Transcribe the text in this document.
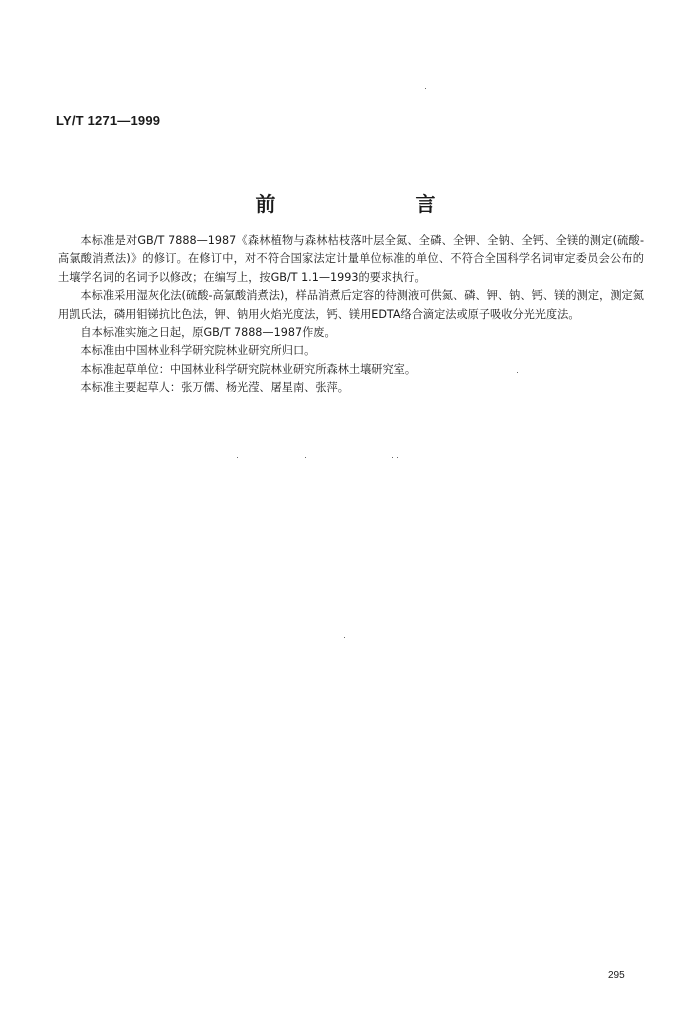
LY/T 1271—1999
前　言

本标准是对GB/T 7888—1987《森林植物与森林枯枝落叶层全氮、全磷、全钾、全钠、全钙、全镁的测定(硫酸-高氯酸消煮法)》的修订。在修订中，对不符合国家法定计量单位标准的单位、不符合全国科学名词审定委员会公布的土壤学名词的名词予以修改；在编写上，按GB/T 1.1—1993的要求执行。

本标准采用湿灰化法(硫酸-高氯酸消煮法)，样品消煮后定容的待测液可供氮、磷、钾、钠、钙、镁的测定，测定氮用凯氏法，磷用钼锑抗比色法，钾、钠用火焰光度法，钙、镁用EDTA络合滴定法或原子吸收分光光度法。

自本标准实施之日起，原GB/T 7888—1987作废。

本标准由中国林业科学研究院林业研究所归口。

本标准起草单位：中国林业科学研究院林业研究所森林土壤研究室。

本标准主要起草人：张万儒、杨光滢、屠星南、张萍。

295
